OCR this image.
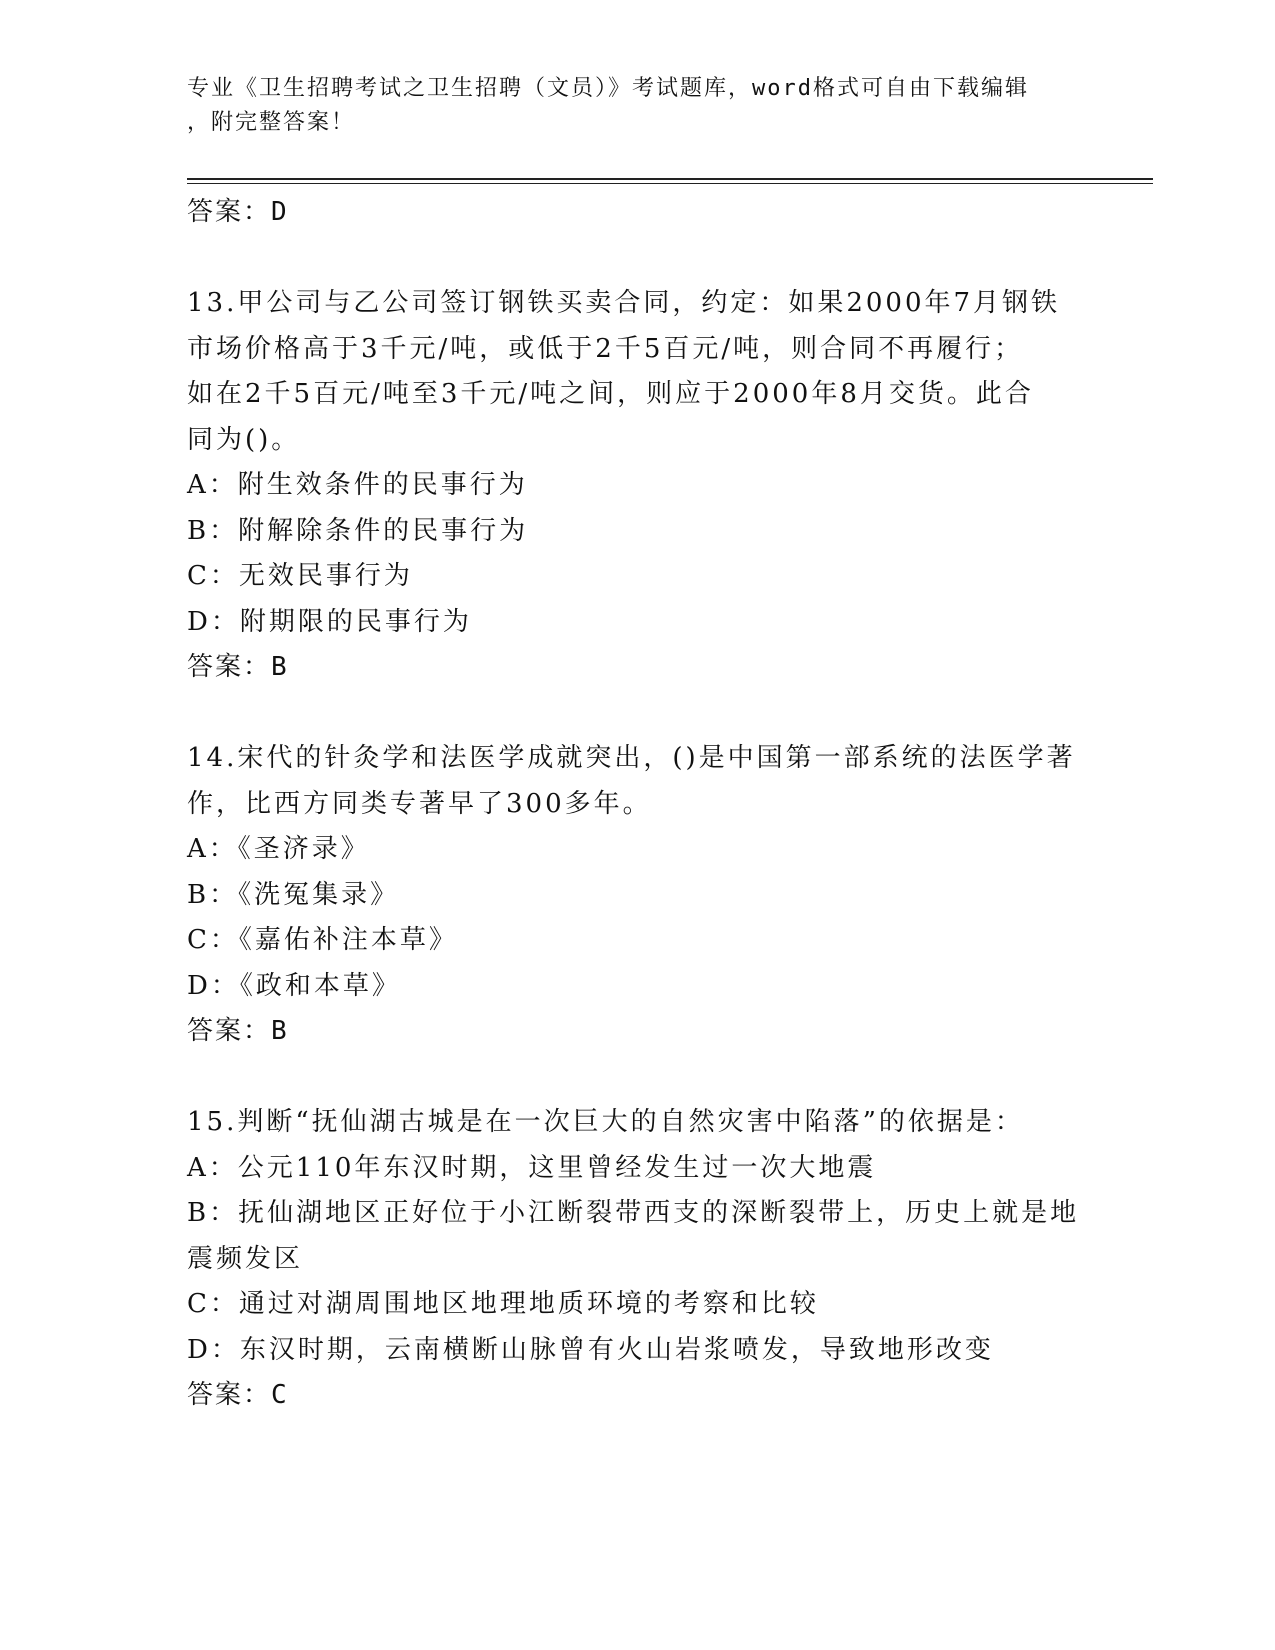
专业《卫生招聘考试之卫生招聘（文员）》考试题库，word格式可自由下载编辑
，附完整答案！
答案：D
13.甲公司与乙公司签订钢铁买卖合同，约定：如果2000年7月钢铁
市场价格高于3千元/吨，或低于2千5百元/吨，则合同不再履行；
如在2千5百元/吨至3千元/吨之间，则应于2000年8月交货。此合
同为()。
A：附生效条件的民事行为
B：附解除条件的民事行为
C：无效民事行为
D：附期限的民事行为
答案：B
14.宋代的针灸学和法医学成就突出，()是中国第一部系统的法医学著
作，比西方同类专著早了300多年。
A：《圣济录》
B：《洗冤集录》
C：《嘉佑补注本草》
D：《政和本草》
答案：B
15.判断“抚仙湖古城是在一次巨大的自然灾害中陷落”的依据是：
A：公元110年东汉时期，这里曾经发生过一次大地震
B：抚仙湖地区正好位于小江断裂带西支的深断裂带上，历史上就是地
震频发区
C：通过对湖周围地区地理地质环境的考察和比较
D：东汉时期，云南横断山脉曾有火山岩浆喷发，导致地形改变
答案：C
